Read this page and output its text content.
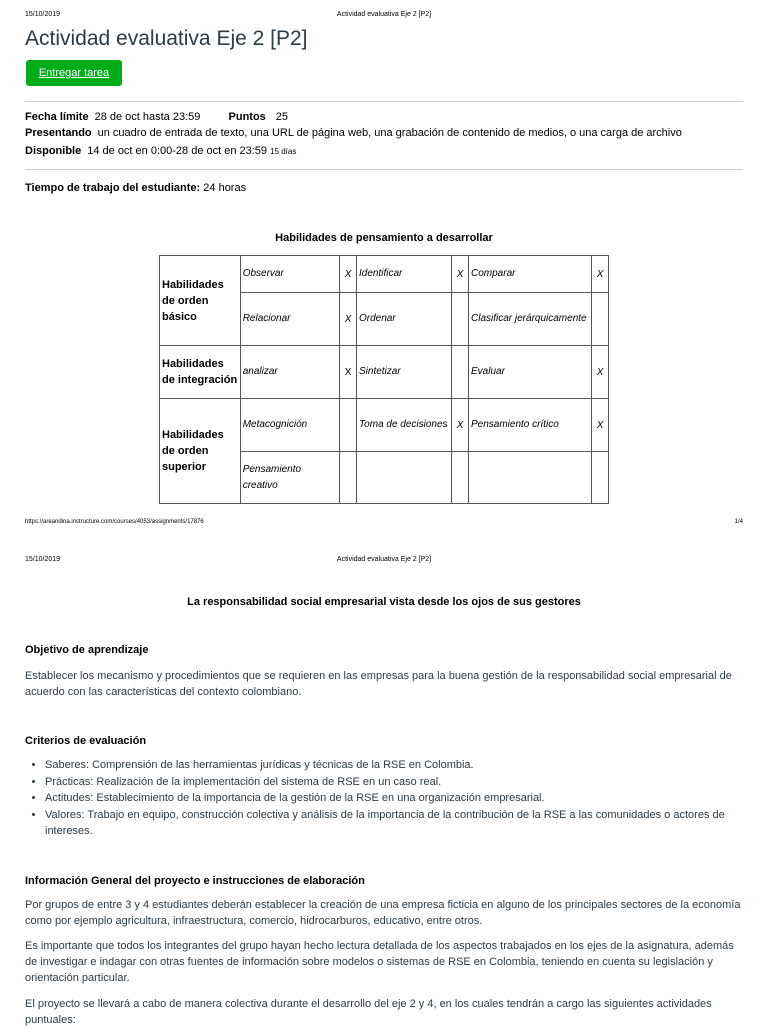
15/10/2019	Actividad evaluativa Eje 2 [P2]
Actividad evaluativa Eje 2 [P2]
Entregar tarea
Fecha límite 28 de oct hasta 23:59	Puntos 25
Presentando un cuadro de entrada de texto, una URL de página web, una grabación de contenido de medios, o una carga de archivo
Disponible 14 de oct en 0:00-28 de oct en 23:59 15 días
Tiempo de trabajo del estudiante: 24 horas
Habilidades de pensamiento a desarrollar
Habilidades de orden básico	Observar	X	Identificar	X	Comparar	X
	Relacionar	X	Ordenar		Clasificar jerárquicamente	
Habilidades de integración	analizar	X	Sintetizar		Evaluar	X
Habilidades de orden superior	Metacognición		Toma de decisiones	X	Pensamiento crítico	X
	Pensamiento creativo					
https://areandina.instructure.com/courses/4053/assignments/17876	1/4
15/10/2019	Actividad evaluativa Eje 2 [P2]
La responsabilidad social empresarial vista desde los ojos de sus gestores
Objetivo de aprendizaje
Establecer los mecanismo y procedimientos que se requieren en las empresas para la buena gestión de la responsabilidad social empresarial de acuerdo con las características del contexto colombiano.
Criterios de evaluación
• Saberes: Comprensión de las herramientas jurídicas y técnicas de la RSE en Colombia.
• Prácticas: Realización de la implementación del sistema de RSE en un caso real.
• Actitudes: Establecimiento de la importancia de la gestión de la RSE en una organización empresarial.
• Valores: Trabajo en equipo, construcción colectiva y análisis de la importancia de la contribución de la RSE a las comunidades o actores de intereses.
Información General del proyecto e instrucciones de elaboración
Por grupos de entre 3 y 4 estudiantes deberán establecer la creación de una empresa ficticia en alguno de los principales sectores de la economía como por ejemplo agricultura, infraestructura, comercio, hidrocarburos, educativo, entre otros.
Es importante que todos los integrantes del grupo hayan hecho lectura detallada de los aspectos trabajados en los ejes de la asignatura, además de investigar e indagar con otras fuentes de información sobre modelos o sistemas de RSE en Colombia, teniendo en cuenta su legislación y orientación particular.
El proyecto se llevará a cabo de manera colectiva durante el desarrollo del eje 2 y 4, en los cuales tendrán a cargo las siguientes actividades puntuales:
